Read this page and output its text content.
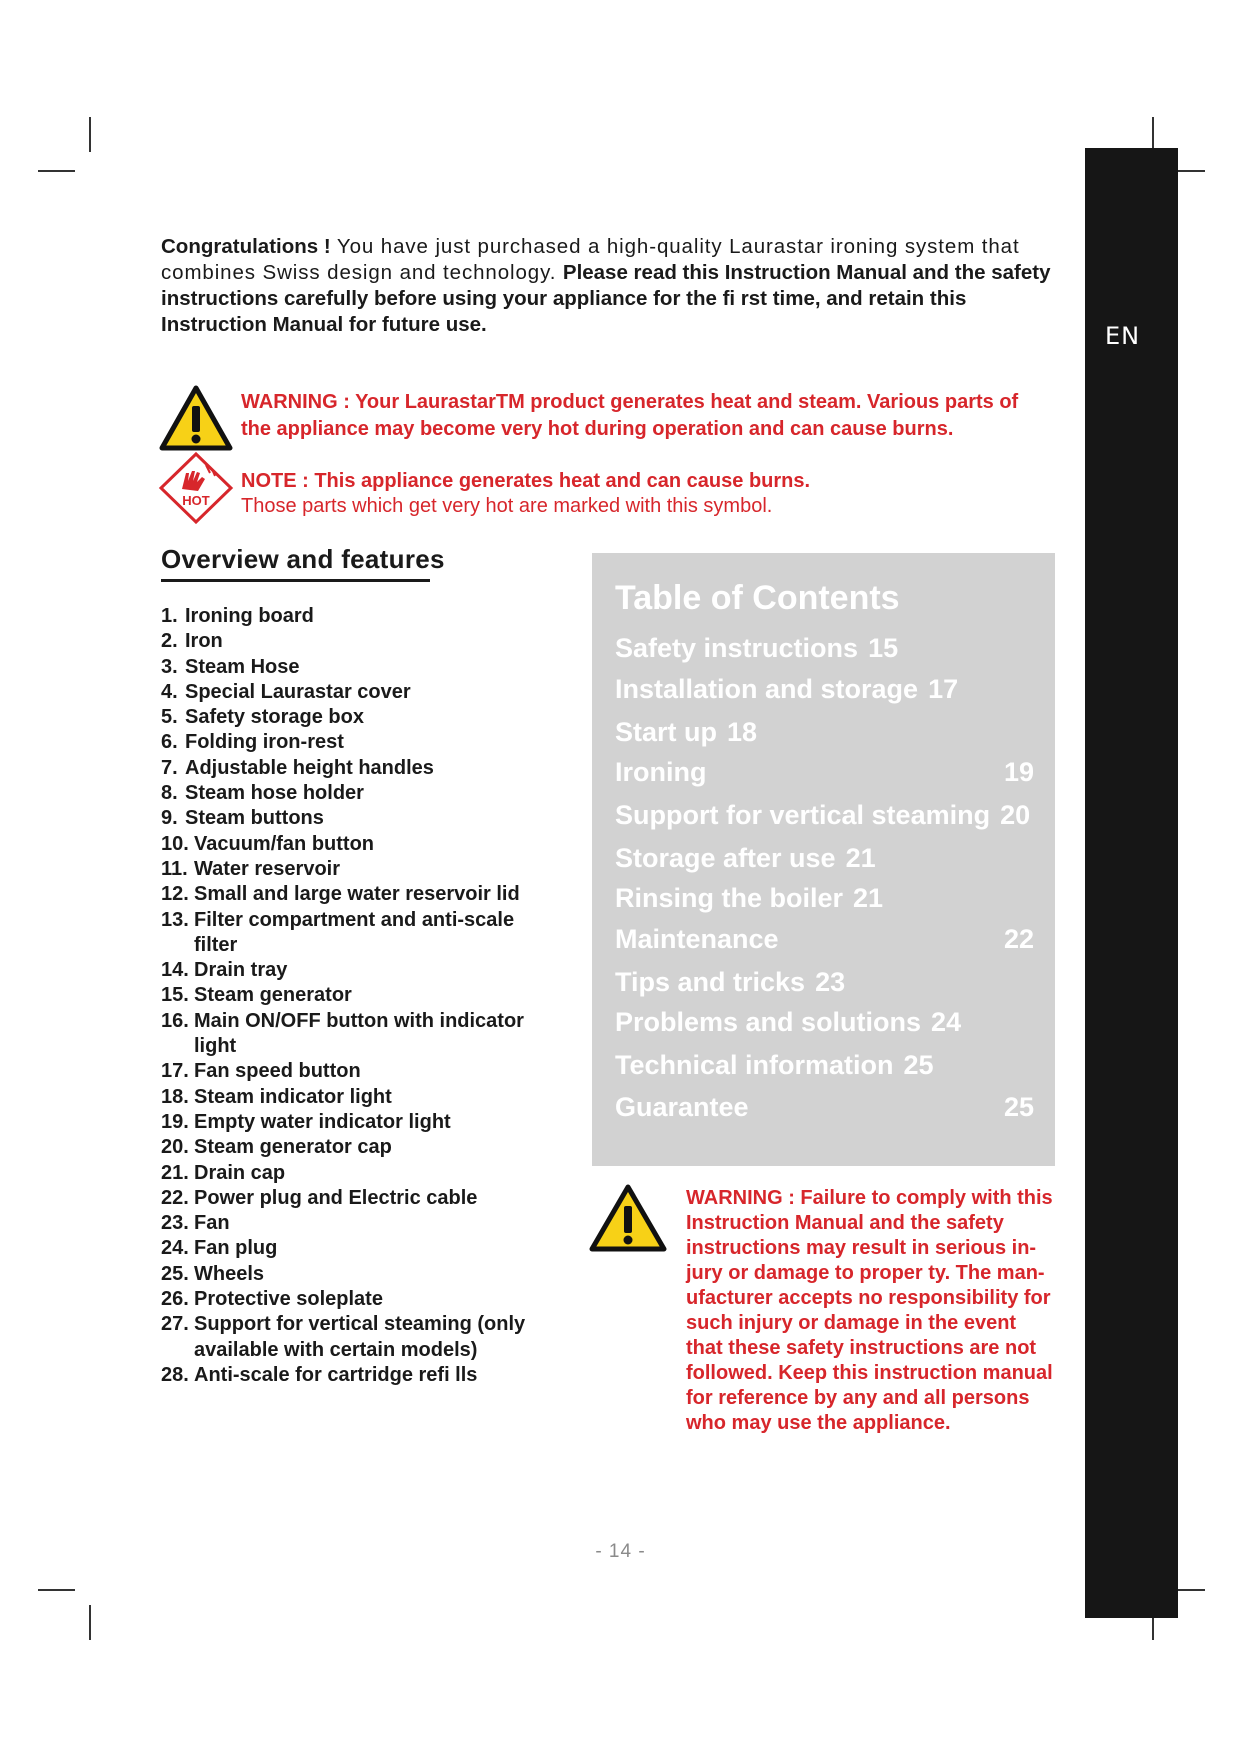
EN
Congratulations ! You have just purchased a high-quality Laurastar ironing system that combines Swiss design and technology. Please read this Instruction Manual and the safety instructions carefully before using your appliance for the fi rst time, and retain this Instruction Manual for future use.
WARNING : Your LaurastarTM product generates heat and steam. Various parts of
the appliance may become very hot during operation and can cause burns.
HOT
NOTE : This appliance generates heat and can cause burns.
Those parts which get very hot are marked with this symbol.
Overview and features
1. Ironing board
2. Iron
3. Steam Hose
4. Special Laurastar cover
5. Safety storage box
6. Folding iron-rest
7. Adjustable height handles
8. Steam hose holder
9. Steam buttons
10. Vacuum/fan button
11. Water reservoir
12. Small and large water reservoir lid
13. Filter compartment and anti-scale filter
14. Drain tray
15. Steam generator
16. Main ON/OFF button with indicator light
17. Fan speed button
18. Steam indicator light
19. Empty water indicator light
20. Steam generator cap
21. Drain cap
22. Power plug and Electric cable
23. Fan
24. Fan plug
25. Wheels
26. Protective soleplate
27. Support for vertical steaming (only available with certain models)
28. Anti-scale for cartridge refi lls
Table of Contents
Safety instructions 15
Installation and storage 17
Start up 18
Ironing	19
Support for vertical steaming 20
Storage after use 21
Rinsing the boiler 21
Maintenance	22
Tips and tricks 23
Problems and solutions 24
Technical information 25
Guarantee	25
WARNING : Failure to comply with this Instruction Manual and the safety instructions may result in serious in-jury or damage to proper ty. The man-ufacturer accepts no responsibility for such injury or damage in the event that these safety instructions are not followed. Keep this instruction manual for reference by any and all persons who may use the appliance.
- 14 -
